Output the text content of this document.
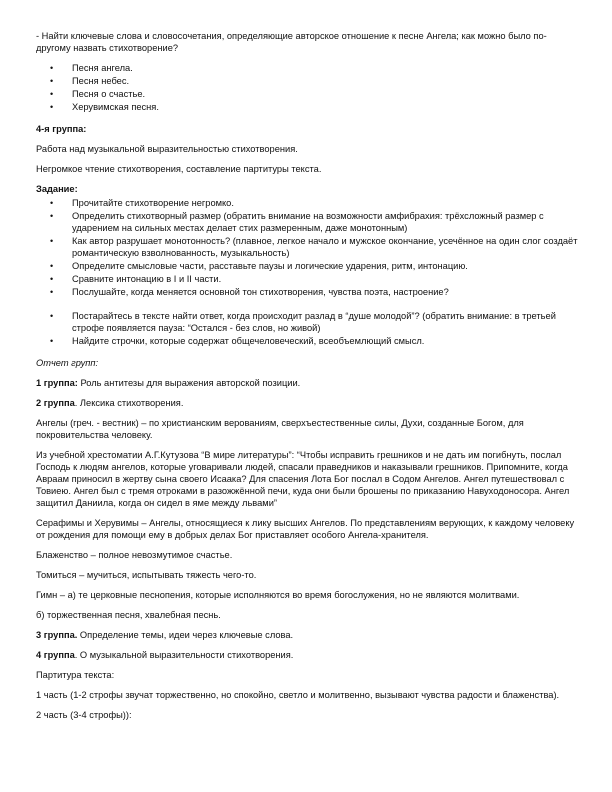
- Найти ключевые слова и словосочетания, определяющие авторское отношение к песне Ангела; как можно было по-другому назвать стихотворение?

• Песня ангела.
• Песня небес.
• Песня о счастье.
• Херувимская песня.

4-я группа:

Работа над музыкальной выразительностью стихотворения.

Негромкое чтение стихотворения, составление партитуры текста.

Задание:

• Прочитайте стихотворение негромко.
• Определить стихотворный размер (обратить внимание на возможности амфибрахия: трёхсложный размер с ударением на сильных местах делает стих размеренным, даже монотонным)
• Как автор разрушает монотонность? (плавное, легкое начало и мужское окончание, усечённое на один слог создаёт романтическую взволнованность, музыкальность)
• Определите смысловые части, расставьте паузы и логические ударения, ритм, интонацию.
• Сравните интонацию в I и II части.
• Послушайте, когда меняется основной тон стихотворения, чувства поэта, настроение?
• Постарайтесь в тексте найти ответ, когда происходит разлад в “душе молодой”? (обратить внимание: в третьей строфе появляется пауза: “Остался - без слов, но живой)
• Найдите строчки, которые содержат общечеловеческий, всеобъемлющий смысл.

Отчет групп:

1 группа: Роль антитезы для выражения авторской позиции.

2 группа. Лексика стихотворения.

Ангелы (греч. - вестник) – по христианским верованиям, сверхъестественные силы, Духи, созданные Богом, для покровительства человеку.

Из учебной хрестоматии А.Г.Кутузова “В мире литературы”: “Чтобы исправить грешников и не дать им погибнуть, послал Господь к людям ангелов, которые уговаривали людей, спасали праведников и наказывали грешников. Припомните, когда Авраам приносил в жертву сына своего Исаака? Для спасения Лота Бог послал в Содом Ангелов. Ангел путешествовал с Товиею. Ангел был с тремя отроками в разожжённой печи, куда они были брошены по приказанию Навуходоносора. Ангел защитил Даниила, когда он сидел в яме между львами”

Серафимы и Херувимы – Ангелы, относящиеся к лику высших Ангелов. По представлениям верующих, к каждому человеку от рождения для помощи ему в добрых делах Бог приставляет особого Ангела-хранителя.

Блаженство – полное невозмутимое счастье.

Томиться – мучиться, испытывать тяжесть чего-то.

Гимн – а) те церковные песнопения, которые исполняются во время богослужения, но не являются молитвами.

б) торжественная песня, хвалебная песнь.

3 группа. Определение темы, идеи через ключевые слова.

4 группа. О музыкальной выразительности стихотворения.

Партитура текста:

1 часть (1-2 строфы звучат торжественно, но спокойно, светло и молитвенно, вызывают чувства радости и блаженства).

2 часть (3-4 строфы)):
